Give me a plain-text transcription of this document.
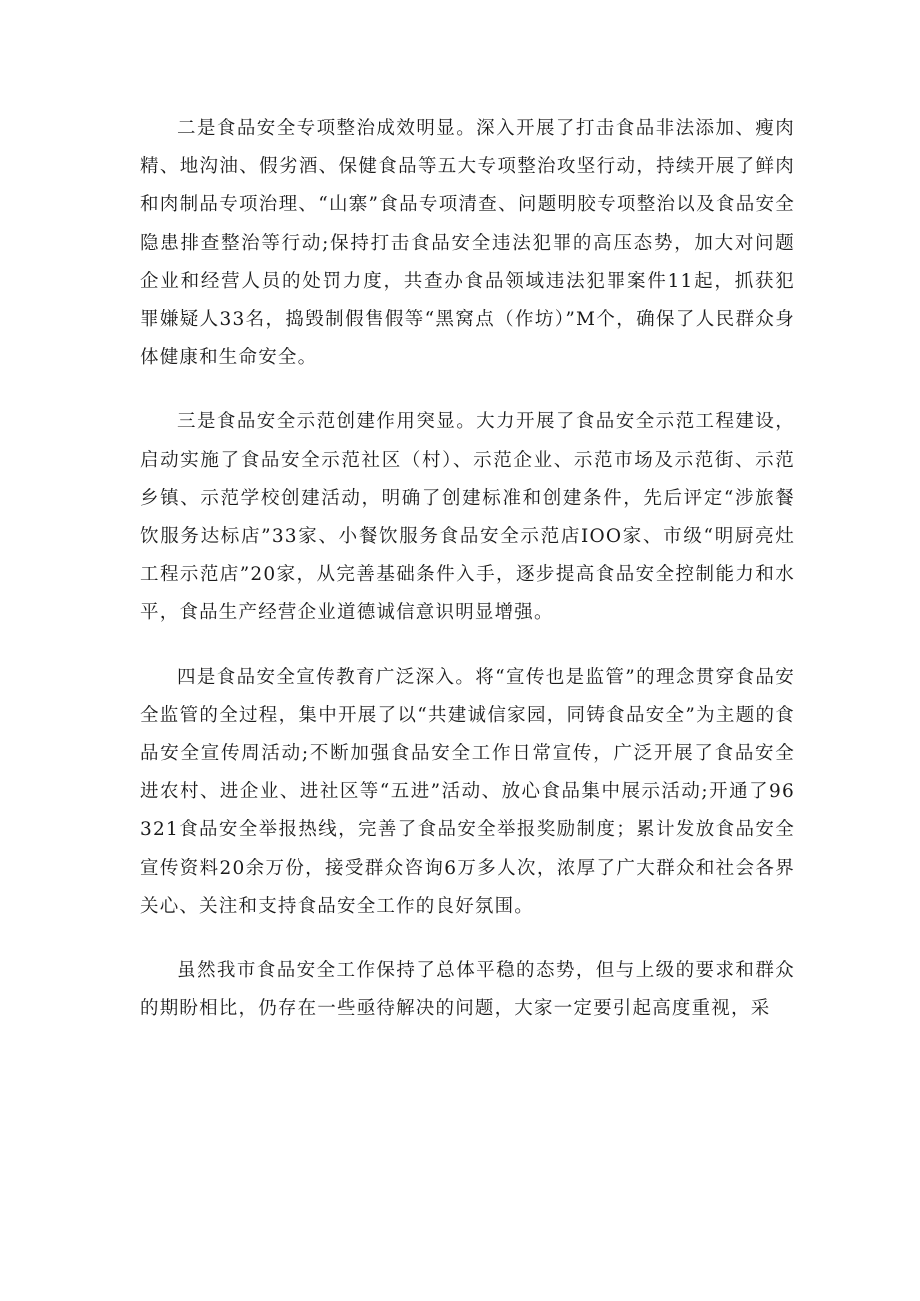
二是食品安全专项整治成效明显。深入开展了打击食品非法添加、瘦肉精、地沟油、假劣酒、保健食品等五大专项整治攻坚行动，持续开展了鲜肉和肉制品专项治理、“山寨”食品专项清查、问题明胶专项整治以及食品安全隐患排查整治等行动;保持打击食品安全违法犯罪的高压态势，加大对问题企业和经营人员的处罚力度，共查办食品领域违法犯罪案件11起，抓获犯罪嫌疑人33名，捣毁制假售假等“黑窝点（作坊）”M个，确保了人民群众身体健康和生命安全。

三是食品安全示范创建作用突显。大力开展了食品安全示范工程建设，启动实施了食品安全示范社区（村）、示范企业、示范市场及示范街、示范乡镇、示范学校创建活动，明确了创建标准和创建条件，先后评定“涉旅餐饮服务达标店”33家、小餐饮服务食品安全示范店IOO家、市级“明厨亮灶工程示范店”20家，从完善基础条件入手，逐步提高食品安全控制能力和水平，食品生产经营企业道德诚信意识明显增强。

四是食品安全宣传教育广泛深入。将“宣传也是监管”的理念贯穿食品安全监管的全过程，集中开展了以“共建诚信家园，同铸食品安全”为主题的食品安全宣传周活动;不断加强食品安全工作日常宣传，广泛开展了食品安全进农村、进企业、进社区等“五进”活动、放心食品集中展示活动;开通了96321食品安全举报热线，完善了食品安全举报奖励制度；累计发放食品安全宣传资料20余万份，接受群众咨询6万多人次，浓厚了广大群众和社会各界关心、关注和支持食品安全工作的良好氛围。

虽然我市食品安全工作保持了总体平稳的态势，但与上级的要求和群众的期盼相比，仍存在一些亟待解决的问题，大家一定要引起高度重视，采
